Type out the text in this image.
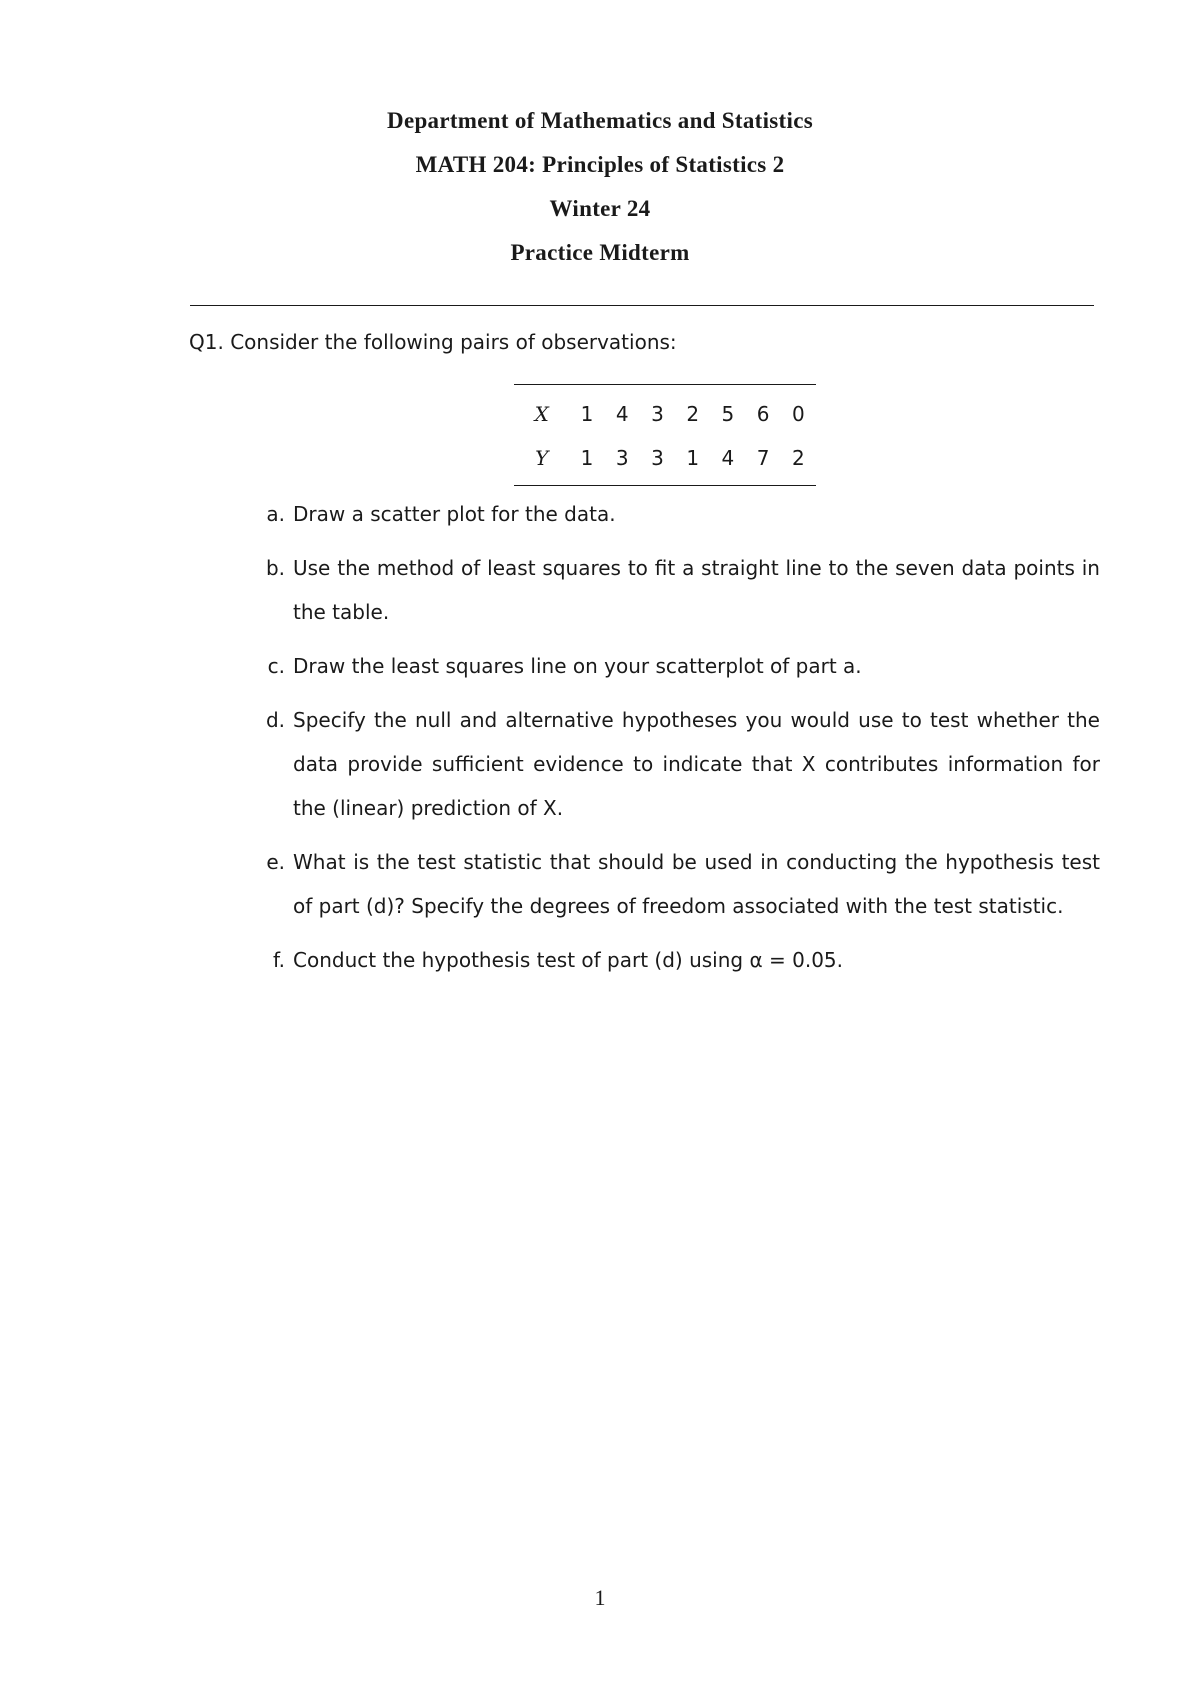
Department of Mathematics and Statistics
MATH 204: Principles of Statistics 2
Winter 24
Practice Midterm
Q1. Consider the following pairs of observations:
X	1	4	3	2	5	6	0
Y	1	3	3	1	4	7	2
a. Draw a scatter plot for the data.
b. Use the method of least squares to fit a straight line to the seven data points in the table.
c. Draw the least squares line on your scatterplot of part a.
d. Specify the null and alternative hypotheses you would use to test whether the data provide sufficient evidence to indicate that X contributes information for the (linear) prediction of X.
e. What is the test statistic that should be used in conducting the hypothesis test of part (d)? Specify the degrees of freedom associated with the test statistic.
f. Conduct the hypothesis test of part (d) using α = 0.05.
1
